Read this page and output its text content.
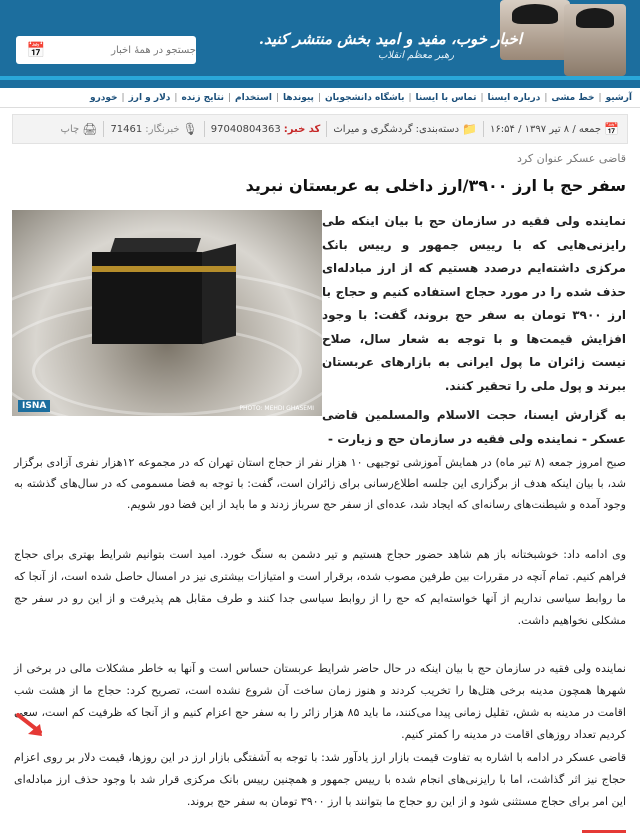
اخبار خوب، مفید و امید بخش منتشر کنید.
رهبر معظم انقلاب
جستجو در همهٔ اخبار
📅
آرشیو
|
خط مشی
|
درباره ایسنا
|
تماس با ایسنا
|
باشگاه دانشجویان
|
پیوندها
|
استخدام
|
نتایج زنده
|
دلار و ارز
|
خودرو
📅
جمعه / ۸ تیر ۱۳۹۷ / ۱۶:۵۴
📁
دسته‌بندی:
گردشگری و میراث
کد خبر:
97040804363
🎙
خبرنگار:
71461
🖨
چاپ
قاضی عسکر عنوان کرد
سفر حج با ارز ۳۹۰۰/ارز داخلی به عربستان نبرید
ISNA	PHOTO: MEHDI GHASEMI

نماینده ولی فقیه در سازمان حج با بیان اینکه طی رایزنی‌هایی که با رییس جمهور و رییس بانک مرکزی داشته‌ایم درصدد هستیم که از ارز مبادله‌ای حذف شده را در مورد حجاج استفاده کنیم و حجاج با ارز ۳۹۰۰ تومان به سفر حج بروند، گفت: با وجود افزایش قیمت‌ها و با توجه به شعار سال، صلاح نیست زائران ما پول ایرانی به بازارهای عربستان ببرند و پول ملی را تحقیر کنند.

به گزارش ایسنا، حجت الاسلام والمسلمین قاضی عسکر - نماینده ولی فقیه در سازمان حج و زیارت -

صبح امروز جمعه (۸ تیر ماه) در همایش آموزشی توجیهی ۱۰ هزار نفر از حجاج استان تهران که در مجموعه ۱۲هزار نفری آزادی برگزار شد، با بیان اینکه هدف از برگزاری این جلسه اطلاع‌رسانی برای زائران است، گفت: با توجه به فضا مسمومی که در سال‌های گذشته به وجود آمده و شیطنت‌های رسانه‌ای که ایجاد شد، عده‌ای از سفر حج سرباز زدند و ما باید از این فضا دور شویم.

وی ادامه داد: خوشبختانه باز هم شاهد حضور حجاج هستیم و تیر دشمن به سنگ خورد. امید است بتوانیم شرایط بهتری برای حجاج فراهم کنیم. تمام آنچه در مقررات بین طرفین مصوب شده، برقرار است و امتیازات بیشتری نیز در امسال حاصل شده است، از آنجا که ما روابط سیاسی نداریم از آنها خواسته‌ایم که حج را از روابط سیاسی جدا کنند و طرف مقابل هم پذیرفت و از این رو در سفر حج مشکلی نخواهیم داشت.

نماینده ولی فقیه در سازمان حج با بیان اینکه در حال حاضر شرایط عربستان حساس است و آنها به خاطر مشکلات مالی در برخی از شهرها همچون مدینه برخی هتل‌ها را تخریب کردند و هنوز زمان ساخت آن شروع نشده است، تصریح کرد: حجاج ما از هشت شب اقامت در مدینه به شش، تقلیل زمانی پیدا می‌کنند، ما باید ۸۵ هزار زائر را به سفر حج اعزام کنیم و از آنجا که ظرفیت کم است، سعی کردیم تعداد روزهای اقامت در مدینه را کمتر کنیم.

قاضی عسکر در ادامه با اشاره به تفاوت قیمت بازار ارز یادآور شد: با توجه به آشفتگی بازار ارز در این روزها، قیمت دلار بر روی اعزام حجاج نیز اثر گذاشت، اما با رایزنی‌های انجام شده با رییس جمهور و همچنین رییس بانک مرکزی قرار شد با وجود حذف ارز مبادله‌ای این امر برای حجاج مستثنی شود و از این رو حجاج ما بتوانند با ارز ۳۹۰۰ تومان به سفر حج بروند.
